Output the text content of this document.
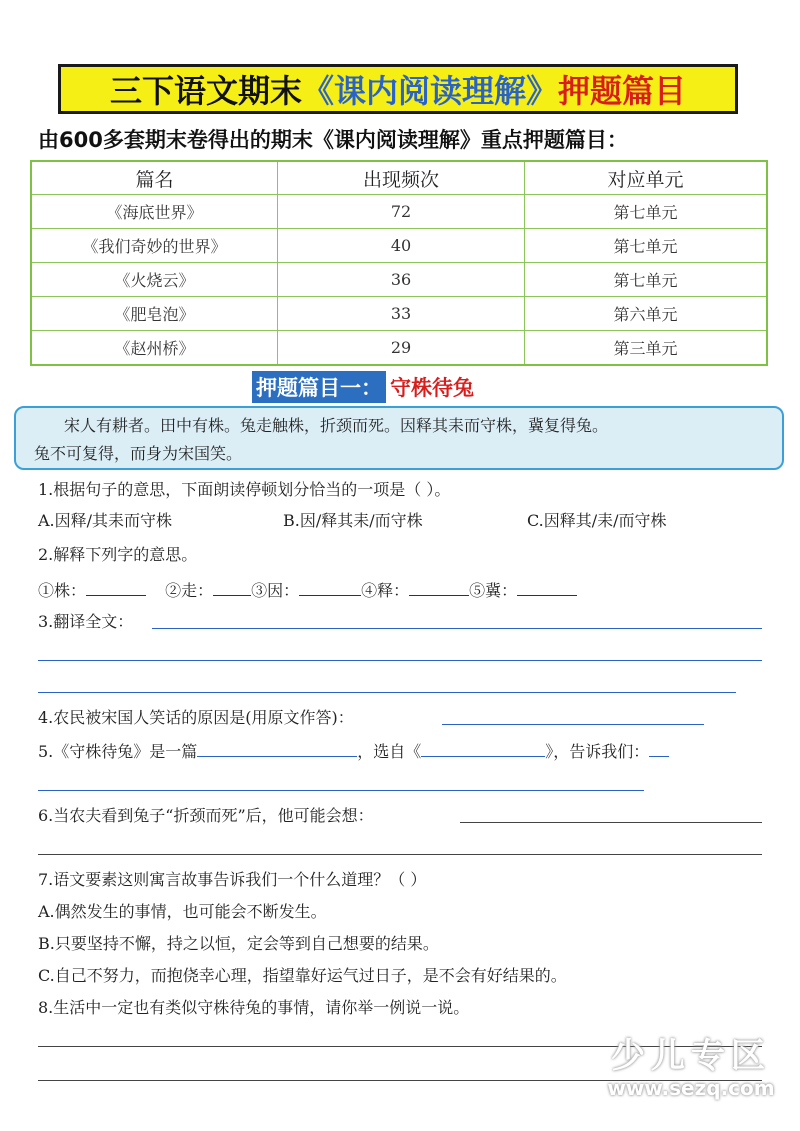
三下语文期末 《课内阅读理解》 押题篇目
由600多套期末卷得出的期末《课内阅读理解》重点押题篇目：
篇名	出现频次	对应单元
《海底世界》	72	第七单元
《我们奇妙的世界》	40	第七单元
《火烧云》	36	第七单元
《肥皂泡》	33	第六单元
《赵州桥》	29	第三单元
押题篇目一： 守株待兔
宋人有耕者。田中有株。兔走触株，折颈而死。因释其耒而守株，冀复得兔。
兔不可复得，而身为宋国笑。
1.根据句子的意思，下面朗读停顿划分恰当的一项是（ ）。
A.因释/其耒而守株	B.因/释其耒/而守株	C.因释其/耒/而守株
2.解释下列字的意思。
①株：	②走： ③因：	④释：	⑤冀：
3.翻译全文：
4.农民被宋国人笑话的原因是(用原文作答)：
5.《守株待兔》是一篇	，选自《	》，告诉我们：
6.当农夫看到兔子“折颈而死”后，他可能会想：
7.语文要素这则寓言故事告诉我们一个什么道理？（ ）
A.偶然发生的事情，也可能会不断发生。
B.只要坚持不懈，持之以恒，定会等到自己想要的结果。
C.自己不努力，而抱侥幸心理，指望靠好运气过日子，是不会有好结果的。
8.生活中一定也有类似守株待兔的事情，请你举一例说一说。
少儿专区
www.sezq.com
